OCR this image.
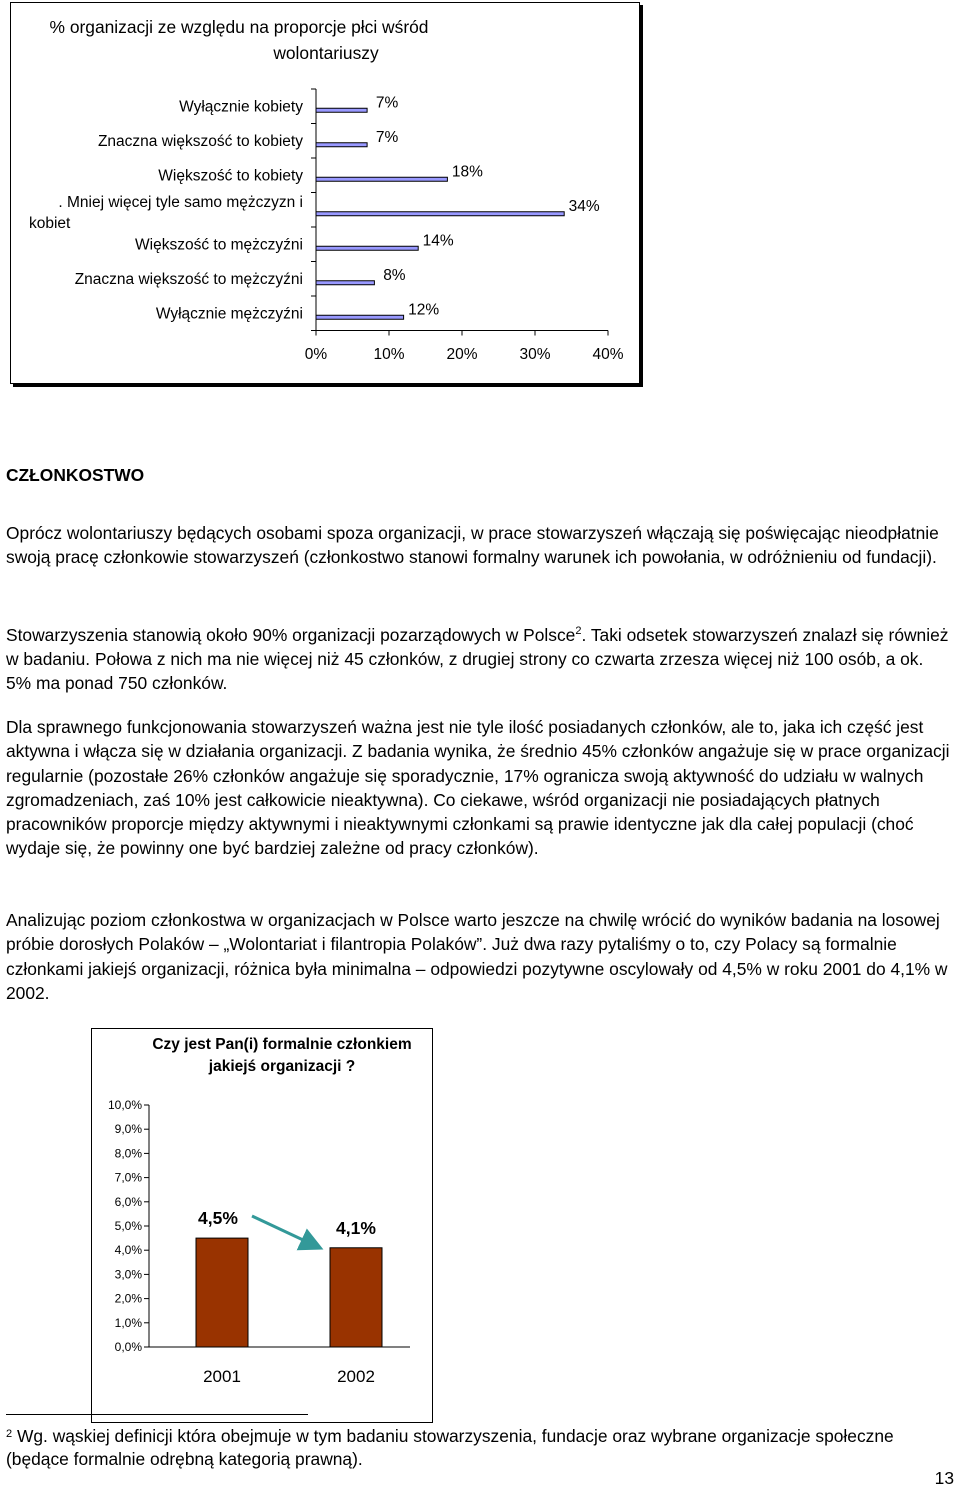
% organizacji ze względu na proporcje płci wśród
wolontariuszy
0%	10%	20%	30%	40%
Wyłącznie kobiety	7%
Znaczna większość to kobiety	7%
Większość to kobiety	18%
. Mniej więcej tyle samo mężczyzn i
kobiet
34%
Większość to mężczyźni	14%
Znaczna większość to mężczyźni	8%
Wyłącznie mężczyźni	12%
CZŁONKOSTWO
Oprócz wolontariuszy będących osobami spoza organizacji, w prace stowarzyszeń włączają się poświęcając nieodpłatnie swoją pracę członkowie stowarzyszeń (członkostwo stanowi formalny warunek ich powołania, w odróżnieniu od fundacji).
Stowarzyszenia stanowią około 90% organizacji pozarządowych w Polsce$^2$. Taki odsetek stowarzyszeń znalazł się również w badaniu. Połowa z nich ma nie więcej niż 45 członków, z drugiej strony co czwarta zrzesza więcej niż 100 osób, a ok. 5% ma ponad 750 członków.
Dla sprawnego funkcjonowania stowarzyszeń ważna jest nie tyle ilość posiadanych członków, ale to, jaka ich część jest aktywna i włącza się w działania organizacji. Z badania wynika, że średnio 45% członków angażuje się w prace organizacji regularnie (pozostałe 26% członków angażuje się sporadycznie, 17% ogranicza swoją aktywność do udziału w walnych zgromadzeniach, zaś 10% jest całkowicie nieaktywna). Co ciekawe, wśród organizacji nie posiadających płatnych pracowników proporcje między aktywnymi i nieaktywnymi członkami są prawie identyczne jak dla całej populacji (choć wydaje się, że powinny one być bardziej zależne od pracy członków).
Analizując poziom członkostwa w organizacjach w Polsce warto jeszcze na chwilę wrócić do wyników badania na losowej próbie dorosłych Polaków – „Wolontariat i filantropia Polaków”. Już dwa razy pytaliśmy o to, czy Polacy są formalnie członkami jakiejś organizacji, różnica była minimalna – odpowiedzi pozytywne oscylowały od 4,5% w roku 2001 do 4,1% w 2002.
Czy jest Pan(i) formalnie członkiem
jakiejś organizacji ?
0,0%
1,0%
2,0%
3,0%
4,0%
5,0%
6,0%
7,0%
8,0%
9,0%
10,0%
2001	2002
4,5%	4,1%
$^2$ Wg. wąskiej definicji która obejmuje w tym badaniu stowarzyszenia, fundacje oraz wybrane organizacje społeczne (będące formalnie odrębną kategorią prawną).
13
